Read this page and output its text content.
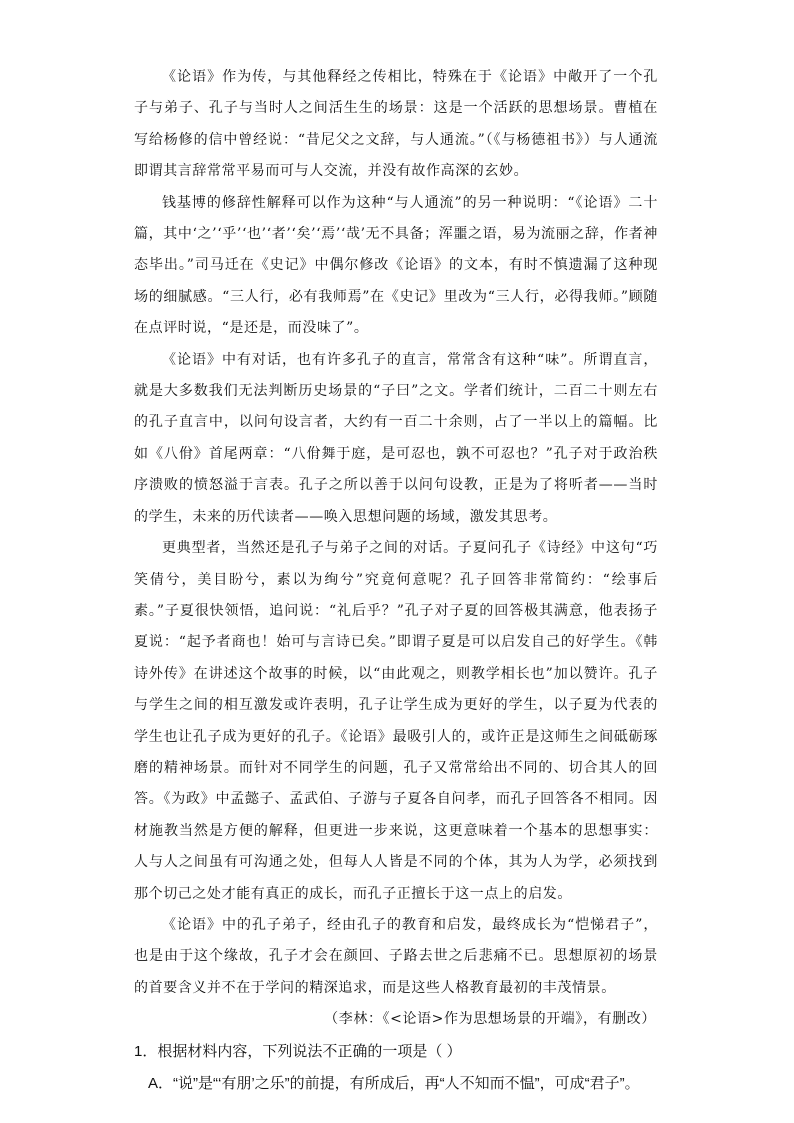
《论语》作为传，与其他释经之传相比，特殊在于《论语》中敞开了一个孔子与弟子、孔子与当时人之间活生生的场景：这是一个活跃的思想场景。曹植在写给杨修的信中曾经说：“昔尼父之文辞，与人通流。”（《与杨德祖书》）与人通流即谓其言辞常常平易而可与人交流，并没有故作高深的玄妙。

钱基博的修辞性解释可以作为这种“与人通流”的另一种说明：“《论语》二十篇，其中‘之’‘乎’‘也’‘者’‘矣’‘焉’‘哉’无不具备；浑噩之语，易为流丽之辞，作者神态毕出。”司马迁在《史记》中偶尔修改《论语》的文本，有时不慎遗漏了这种现场的细腻感。“三人行，必有我师焉”在《史记》里改为“三人行，必得我师。”顾随在点评时说，“是还是，而没味了”。

《论语》中有对话，也有许多孔子的直言，常常含有这种“味”。所谓直言，就是大多数我们无法判断历史场景的“子曰”之文。学者们统计，二百二十则左右的孔子直言中，以问句设言者，大约有一百二十余则，占了一半以上的篇幅。比如《八佾》首尾两章：“八佾舞于庭，是可忍也，孰不可忍也？”孔子对于政治秩序溃败的愤怒溢于言表。孔子之所以善于以问句设教，正是为了将听者——当时的学生，未来的历代读者——唤入思想问题的场域，激发其思考。

更典型者，当然还是孔子与弟子之间的对话。子夏问孔子《诗经》中这句“巧笑倩兮，美目盼兮，素以为绚兮”究竟何意呢？孔子回答非常简约：“绘事后素。”子夏很快领悟，追问说：“礼后乎？”孔子对子夏的回答极其满意，他表扬子夏说：“起予者商也！始可与言诗已矣。”即谓子夏是可以启发自己的好学生。《韩诗外传》在讲述这个故事的时候，以“由此观之，则教学相长也”加以赞许。孔子与学生之间的相互激发或许表明，孔子让学生成为更好的学生，以子夏为代表的学生也让孔子成为更好的孔子。《论语》最吸引人的，或许正是这师生之间砥砺琢磨的精神场景。而针对不同学生的问题，孔子又常常给出不同的、切合其人的回答。《为政》中孟懿子、孟武伯、子游与子夏各自问孝，而孔子回答各不相同。因材施教当然是方便的解释，但更进一步来说，这更意味着一个基本的思想事实：人与人之间虽有可沟通之处，但每人人皆是不同的个体，其为人为学，必须找到那个切己之处才能有真正的成长，而孔子正擅长于这一点上的启发。

《论语》中的孔子弟子，经由孔子的教育和启发，最终成长为“恺悌君子”，也是由于这个缘故，孔子才会在颜回、子路去世之后悲痛不已。思想原初的场景的首要含义并不在于学问的精深追求，而是这些人格教育最初的丰茂情景。

（李林：《<论语>作为思想场景的开端》，有删改）

1．根据材料内容，下列说法不正确的一项是（ ）

A．“说”是“‘有朋’之乐”的前提，有所成后，再“人不知而不愠”，可成“君子”。
